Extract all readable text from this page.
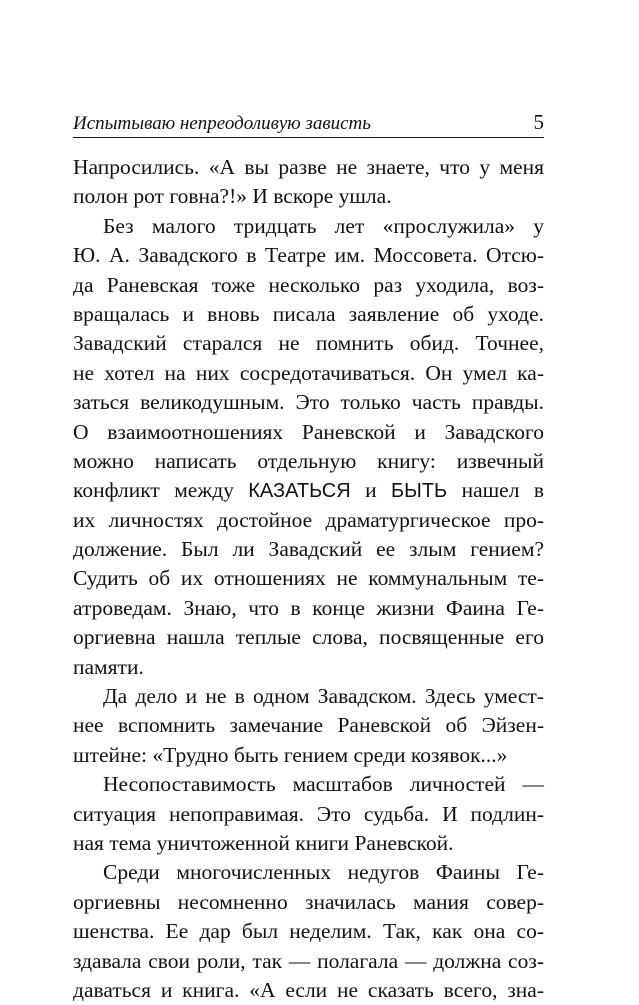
Испытываю непреодоливую зависть	5
Напросились. «А вы разве не знаете, что у меня
полон рот говна?!» И вскоре ушла.
Без малого тридцать лет «прослужила» у
Ю. А. Завадского в Театре им. Моссовета. Отсю-
да Раневская тоже несколько раз уходила, воз-
вращалась и вновь писала заявление об уходе.
Завадский старался не помнить обид. Точнее,
не хотел на них сосредотачиваться. Он умел ка-
заться великодушным. Это только часть правды.
О взаимоотношениях Раневской и Завадского
можно написать отдельную книгу: извечный
конфликт между КАЗАТЬСЯ и БЫТЬ нашел в
их личностях достойное драматургическое про-
должение. Был ли Завадский ее злым гением?
Судить об их отношениях не коммунальным те-
атроведам. Знаю, что в конце жизни Фаина Ге-
оргиевна нашла теплые слова, посвященные его
памяти.
Да дело и не в одном Завадском. Здесь умест-
нее вспомнить замечание Раневской об Эйзен-
штейне: «Трудно быть гением среди козявок...»
Несопоставимость масштабов личностей —
ситуация непоправимая. Это судьба. И подлин-
ная тема уничтоженной книги Раневской.
Среди многочисленных недугов Фаины Ге-
оргиевны несомненно значилась мания совер-
шенства. Ее дар был неделим. Так, как она со-
здавала свои роли, так — полагала — должна соз-
даваться и книга. «А если не сказать всего, зна-
